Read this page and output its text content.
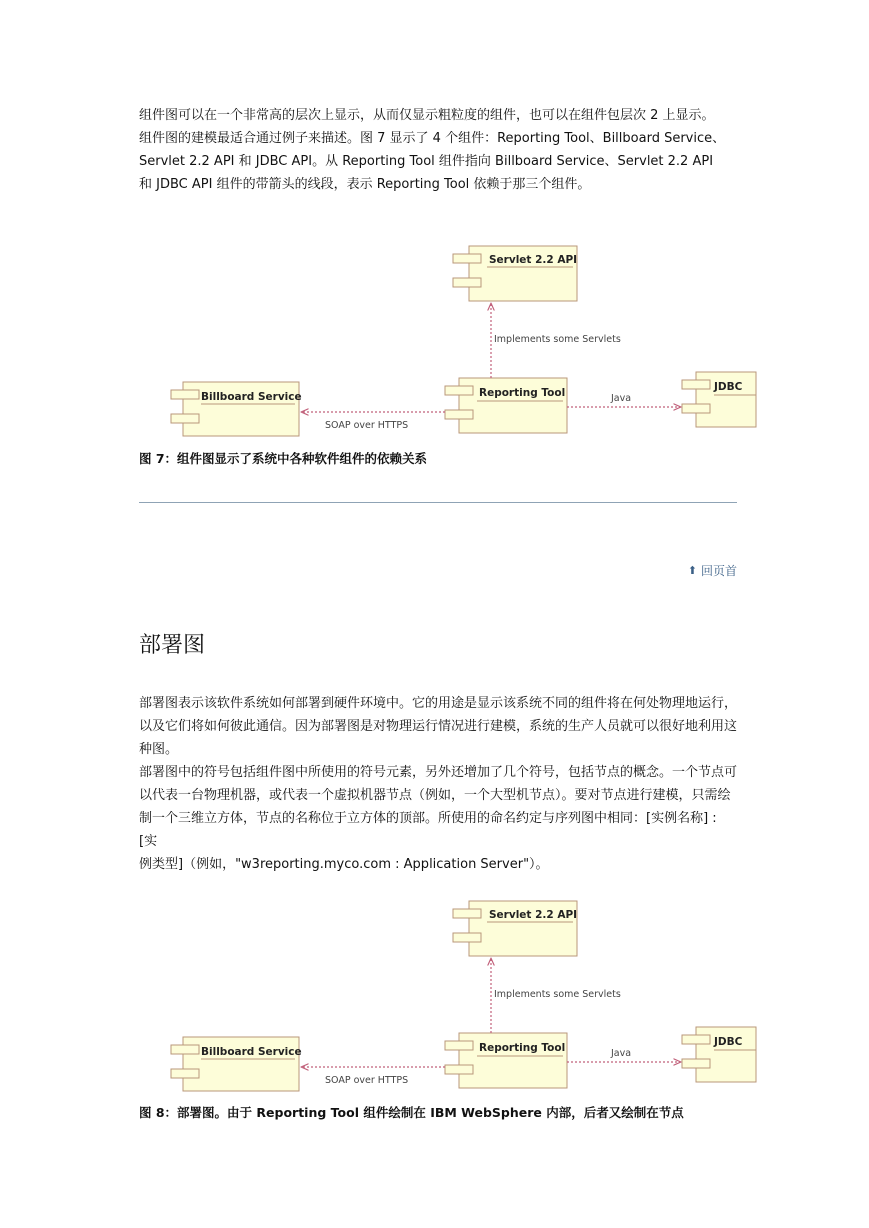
组件图可以在一个非常高的层次上显示，从而仅显示粗粒度的组件，也可以在组件包层次 2 上显示。
组件图的建模最适合通过例子来描述。图 7 显示了 4 个组件：Reporting Tool、Billboard Service、
Servlet 2.2 API 和 JDBC API。从 Reporting Tool 组件指向 Billboard Service、Servlet 2.2 API
和 JDBC API 组件的带箭头的线段，表示 Reporting Tool 依赖于那三个组件。
Servlet 2.2 API
Billboard Service	Reporting Tool	JDBC
Implements some Servlets
SOAP over HTTPS
Java
图 7：组件图显示了系统中各种软件组件的依赖关系
⬆ 回页首
部署图
部署图表示该软件系统如何部署到硬件环境中。它的用途是显示该系统不同的组件将在何处物理地运行，
以及它们将如何彼此通信。因为部署图是对物理运行情况进行建模，系统的生产人员就可以很好地利用这
种图。
部署图中的符号包括组件图中所使用的符号元素，另外还增加了几个符号，包括节点的概念。一个节点可
以代表一台物理机器，或代表一个虚拟机器节点（例如，一个大型机节点）。要对节点进行建模，只需绘
制一个三维立方体，节点的名称位于立方体的顶部。所使用的命名约定与序列图中相同：[实例名称] : [实
例类型]（例如，"w3reporting.myco.com : Application Server"）。
Servlet 2.2 API
Billboard Service	Reporting Tool	JDBC
Implements some Servlets
SOAP over HTTPS
Java
图 8：部署图。由于 Reporting Tool 组件绘制在 IBM WebSphere 内部，后者又绘制在节点
